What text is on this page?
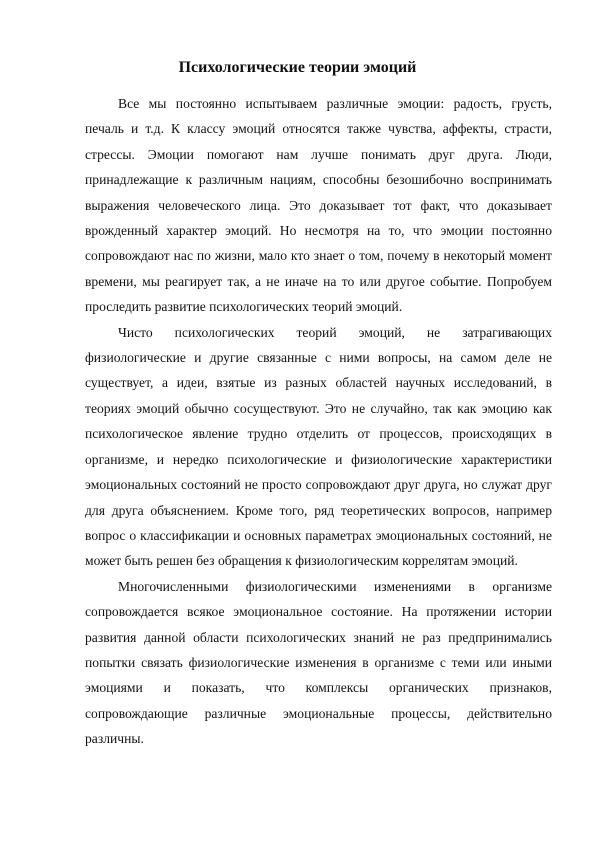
Психологические теории эмоций

Все мы постоянно испытываем различные эмоции: радость, грусть, печаль и т.д. К классу эмоций относятся также чувства, аффекты, страсти, стрессы. Эмоции помогают нам лучше понимать друг друга. Люди, принадлежащие к различным нациям, способны безошибочно воспринимать выражения человеческого лица. Это доказывает тот факт, что доказывает врожденный характер эмоций. Но несмотря на то, что эмоции постоянно сопровождают нас по жизни, мало кто знает о том, почему в некоторый момент времени, мы реагирует так, а не иначе на то или другое событие. Попробуем проследить развитие психологических теорий эмоций.

Чисто психологических теорий эмоций, не затрагивающих физиологические и другие связанные с ними вопросы, на самом деле не существует, а идеи, взятые из разных областей научных исследований, в теориях эмоций обычно сосуществуют. Это не случайно, так как эмоцию как психологическое явление трудно отделить от процессов, происходящих в организме, и нередко психологические и физиологические характеристики эмоциональных состояний не просто сопровождают друг друга, но служат друг для друга объяснением. Кроме того, ряд теоретических вопросов, например вопрос о классификации и основных параметрах эмоциональных состояний, не может быть решен без обращения к физиологическим коррелятам эмоций.

Многочисленными физиологическими изменениями в организме сопровождается всякое эмоциональное состояние. На протяжении истории развития данной области психологических знаний не раз предпринимались попытки связать физиологические изменения в организме с теми или иными эмоциями и показать, что комплексы органических признаков, сопровождающие различные эмоциональные процессы, действительно различны.
